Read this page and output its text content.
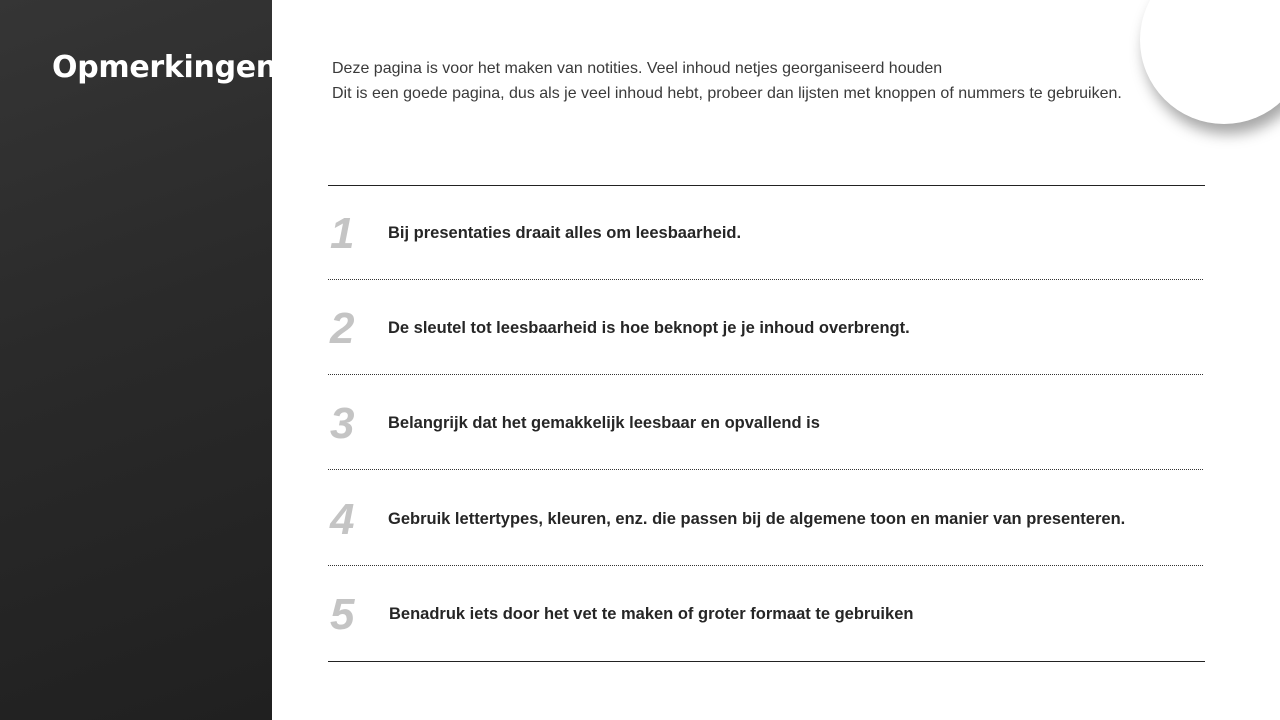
Opmerkingen	Deze pagina is voor het maken van notities. Veel inhoud netjes georganiseerd houden
Dit is een goede pagina, dus als je veel inhoud hebt, probeer dan lijsten met knoppen of nummers te gebruiken.
1	Bij presentaties draait alles om leesbaarheid.
2	De sleutel tot leesbaarheid is hoe beknopt je je inhoud overbrengt.
3	Belangrijk dat het gemakkelijk leesbaar en opvallend is
4	Gebruik lettertypes, kleuren, enz. die passen bij de algemene toon en manier van presenteren.
5	Benadruk iets door het vet te maken of groter formaat te gebruiken
